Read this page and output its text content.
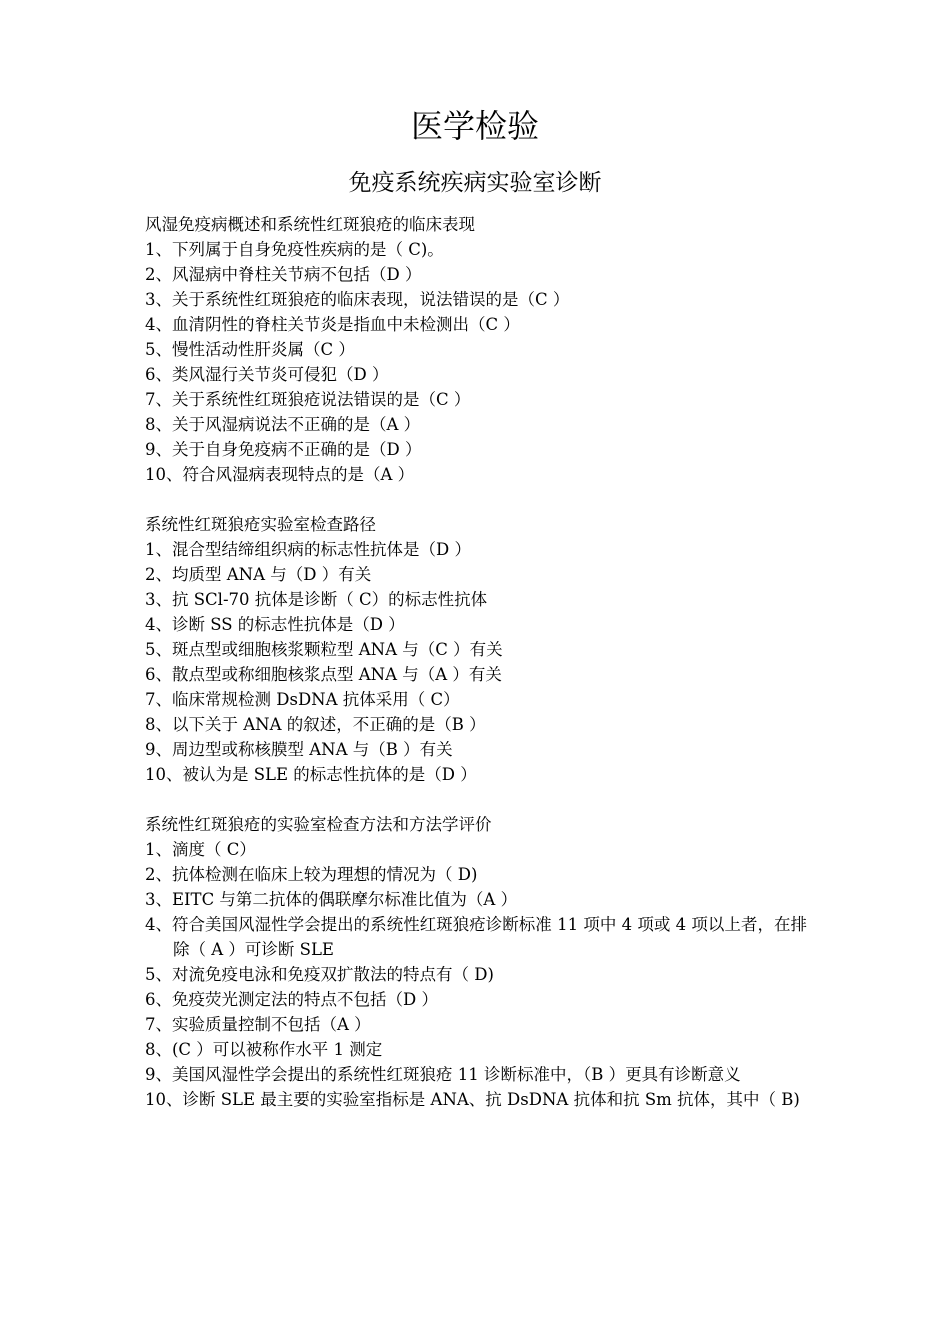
医学检验
免疫系统疾病实验室诊断

风湿免疫病概述和系统性红斑狼疮的临床表现

1、下列属于自身免疫性疾病的是（ C)。

2、风湿病中脊柱关节病不包括（D ）

3、关于系统性红斑狼疮的临床表现，说法错误的是（C ）

4、血清阴性的脊柱关节炎是指血中未检测出（C ）

5、慢性活动性肝炎属（C ）

6、类风湿行关节炎可侵犯（D ）

7、关于系统性红斑狼疮说法错误的是（C ）

8、关于风湿病说法不正确的是（A ）

9、关于自身免疫病不正确的是（D ）

10、符合风湿病表现特点的是（A ）

系统性红斑狼疮实验室检查路径

1、混合型结缔组织病的标志性抗体是（D ）

2、均质型 ANA 与（D ）有关

3、抗 SCl-70 抗体是诊断（ C）的标志性抗体

4、诊断 SS 的标志性抗体是（D ）

5、斑点型或细胞核浆颗粒型 ANA 与（C ）有关

6、散点型或称细胞核浆点型 ANA 与（A ）有关

7、临床常规检测 DsDNA 抗体采用（ C）

8、以下关于 ANA 的叙述，不正确的是（B ）

9、周边型或称核膜型 ANA 与（B ）有关

10、被认为是 SLE 的标志性抗体的是（D ）

系统性红斑狼疮的实验室检查方法和方法学评价

1、滴度（ C）

2、抗体检测在临床上较为理想的情况为（ D)

3、EITC 与第二抗体的偶联摩尔标准比值为（A ）

4、符合美国风湿性学会提出的系统性红斑狼疮诊断标准 11 项中 4 项或 4 项以上者，在排除（ A ）可诊断 SLE

5、对流免疫电泳和免疫双扩散法的特点有（ D)

6、免疫荧光测定法的特点不包括（D ）

7、实验质量控制不包括（A ）

8、(C ）可以被称作水平 1 测定

9、美国风湿性学会提出的系统性红斑狼疮 11 诊断标准中，（B ）更具有诊断意义

10、诊断 SLE 最主要的实验室指标是 ANA、抗 DsDNA 抗体和抗 Sm 抗体，其中（ B)
